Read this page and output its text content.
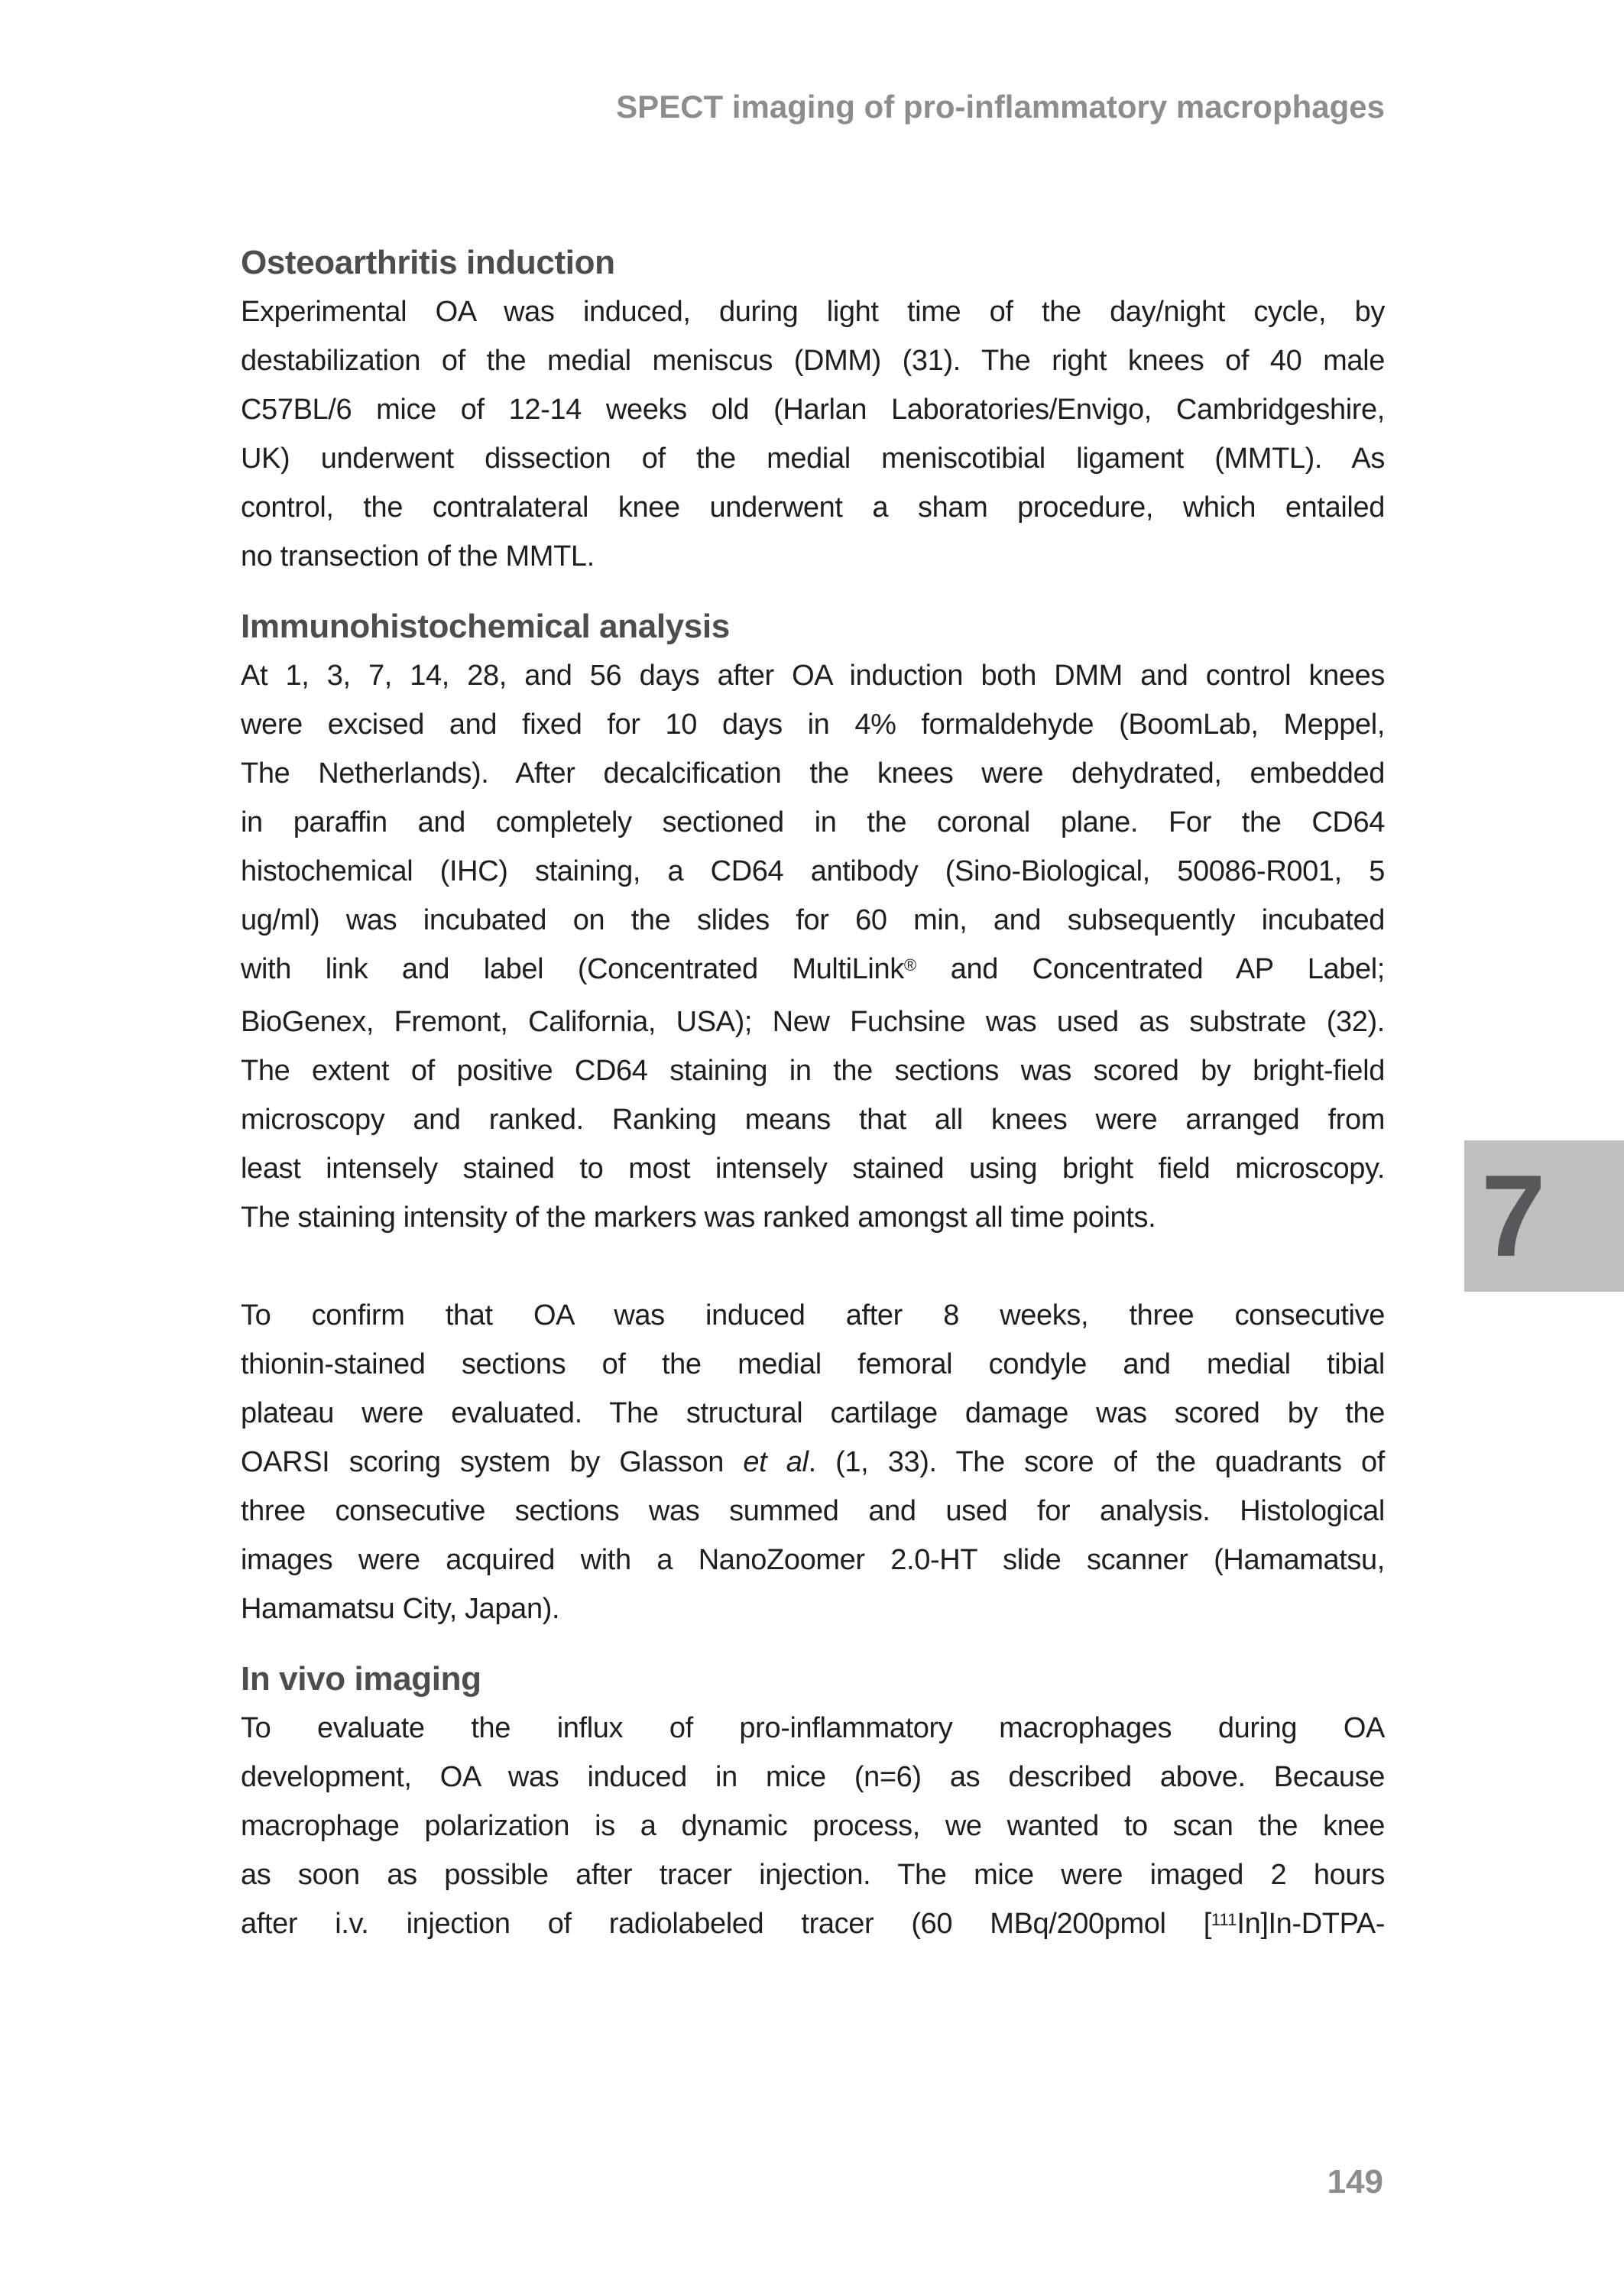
SPECT imaging of pro-inflammatory macrophages
Osteoarthritis induction
Experimental OA was induced, during light time of the day/night cycle, by
destabilization of the medial meniscus (DMM) (31). The right knees of 40 male
C57BL/6 mice of 12-14 weeks old (Harlan Laboratories/Envigo, Cambridgeshire,
UK) underwent dissection of the medial meniscotibial ligament (MMTL). As
control, the contralateral knee underwent a sham procedure, which entailed
no transection of the MMTL.
Immunohistochemical analysis
At 1, 3, 7, 14, 28, and 56 days after OA induction both DMM and control knees
were excised and fixed for 10 days in 4% formaldehyde (BoomLab, Meppel,
The Netherlands). After decalcification the knees were dehydrated, embedded
in paraffin and completely sectioned in the coronal plane. For the CD64
histochemical (IHC) staining, a CD64 antibody (Sino-Biological, 50086-R001, 5
ug/ml) was incubated on the slides for 60 min, and subsequently incubated
with link and label (Concentrated MultiLink® and Concentrated AP Label;
BioGenex, Fremont, California, USA); New Fuchsine was used as substrate (32).
The extent of positive CD64 staining in the sections was scored by bright-field
microscopy and ranked. Ranking means that all knees were arranged from
least intensely stained to most intensely stained using bright field microscopy.
The staining intensity of the markers was ranked amongst all time points.
To confirm that OA was induced after 8 weeks, three consecutive
thionin-stained sections of the medial femoral condyle and medial tibial
plateau were evaluated. The structural cartilage damage was scored by the
OARSI scoring system by Glasson et al. (1, 33). The score of the quadrants of
three consecutive sections was summed and used for analysis. Histological
images were acquired with a NanoZoomer 2.0-HT slide scanner (Hamamatsu,
Hamamatsu City, Japan).
In vivo imaging
To evaluate the influx of pro-inflammatory macrophages during OA
development, OA was induced in mice (n=6) as described above. Because
macrophage polarization is a dynamic process, we wanted to scan the knee
as soon as possible after tracer injection. The mice were imaged 2 hours
after i.v. injection of radiolabeled tracer (60 MBq/200pmol [$^{111}$In]In-DTPA-
7
149
